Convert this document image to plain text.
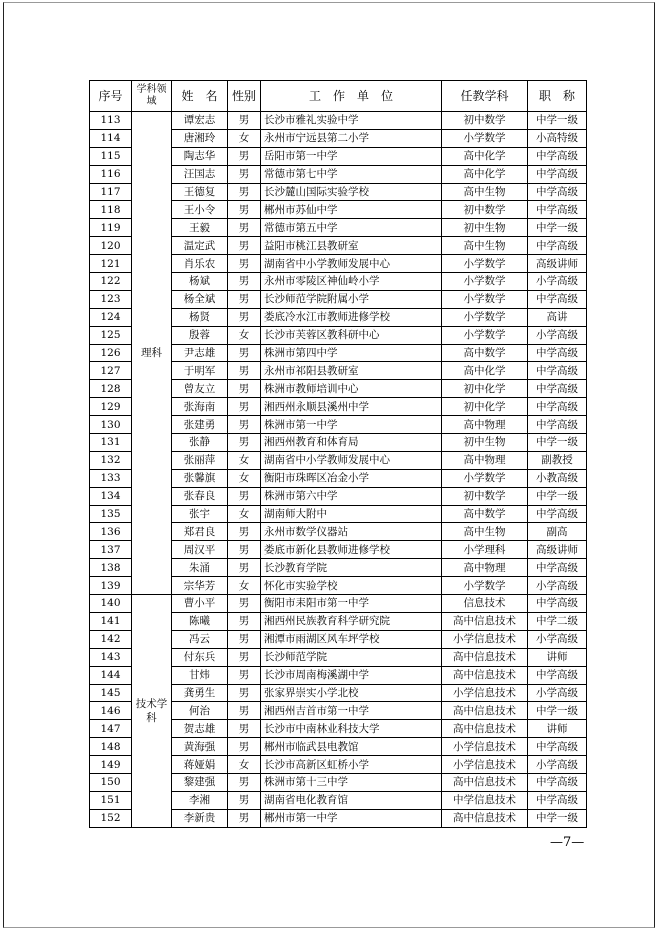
序号	学科领域	姓　名	性别	工　作　单　位	任教学科	职　称
113	理科	谭宏志	男	长沙市雅礼实验中学	初中数学	中学一级
114		唐湘玲	女	永州市宁远县第二小学	小学数学	小高特级
115		陶志华	男	岳阳市第一中学	高中化学	中学高级
116		汪国志	男	常德市第七中学	高中化学	中学高级
117		王德复	男	长沙麓山国际实验学校	高中生物	中学高级
118		王小令	男	郴州市苏仙中学	初中数学	中学高级
119		王毅	男	常德市第五中学	初中生物	中学一级
120		温定武	男	益阳市桃江县教研室	高中生物	中学高级
121		肖乐农	男	湖南省中小学教师发展中心	小学数学	高级讲师
122		杨斌	男	永州市零陵区神仙岭小学	小学数学	小学高级
123		杨全斌	男	长沙师范学院附属小学	小学数学	中学高级
124		杨贤	男	娄底冷水江市教师进修学校	小学数学	高讲
125		殷蓉	女	长沙市芙蓉区教科研中心	小学数学	小学高级
126		尹志雄	男	株洲市第四中学	高中数学	中学高级
127		于明军	男	永州市祁阳县教研室	高中化学	中学高级
128		曾友立	男	株洲市教师培训中心	初中化学	中学高级
129		张海南	男	湘西州永顺县溪州中学	初中化学	中学高级
130		张建勇	男	株洲市第一中学	高中物理	中学高级
131		张静	男	湘西州教育和体育局	初中生物	中学一级
132		张丽萍	女	湖南省中小学教师发展中心	高中物理	副教授
133		张馨旗	女	衡阳市珠晖区冶金小学	小学数学	小教高级
134		张春良	男	株洲市第六中学	初中数学	中学一级
135		张宇	女	湖南师大附中	高中数学	中学高级
136		郑君良	男	永州市数学仪器站	高中生物	副高
137		周汉平	男	娄底市新化县教师进修学校	小学理科	高级讲师
138		朱涌	男	长沙教育学院	高中物理	中学高级
139		宗华芳	女	怀化市实验学校	小学数学	小学高级
140	技术学科	曹小平	男	衡阳市耒阳市第一中学	信息技术	中学高级
141		陈曦	男	湘西州民族教育科学研究院	高中信息技术	中学二级
142		冯云	男	湘潭市雨湖区风车坪学校	小学信息技术	小学高级
143		付东兵	男	长沙师范学院	高中信息技术	讲师
144		甘炜	男	长沙市周南梅溪湖中学	高中信息技术	中学高级
145		龚勇生	男	张家界崇实小学北校	小学信息技术	小学高级
146		何治	男	湘西州吉首市第一中学	高中信息技术	中学一级
147		贺志雄	男	长沙市中南林业科技大学	高中信息技术	讲师
148		黄海强	男	郴州市临武县电教馆	小学信息技术	中学高级
149		蒋娅娟	女	长沙市高新区虹桥小学	小学信息技术	小学高级
150		黎建强	男	株洲市第十三中学	高中信息技术	中学高级
151		李湘	男	湖南省电化教育馆	中学信息技术	中学高级
152		李新贵	男	郴州市第一中学	高中信息技术	中学一级
—7—
